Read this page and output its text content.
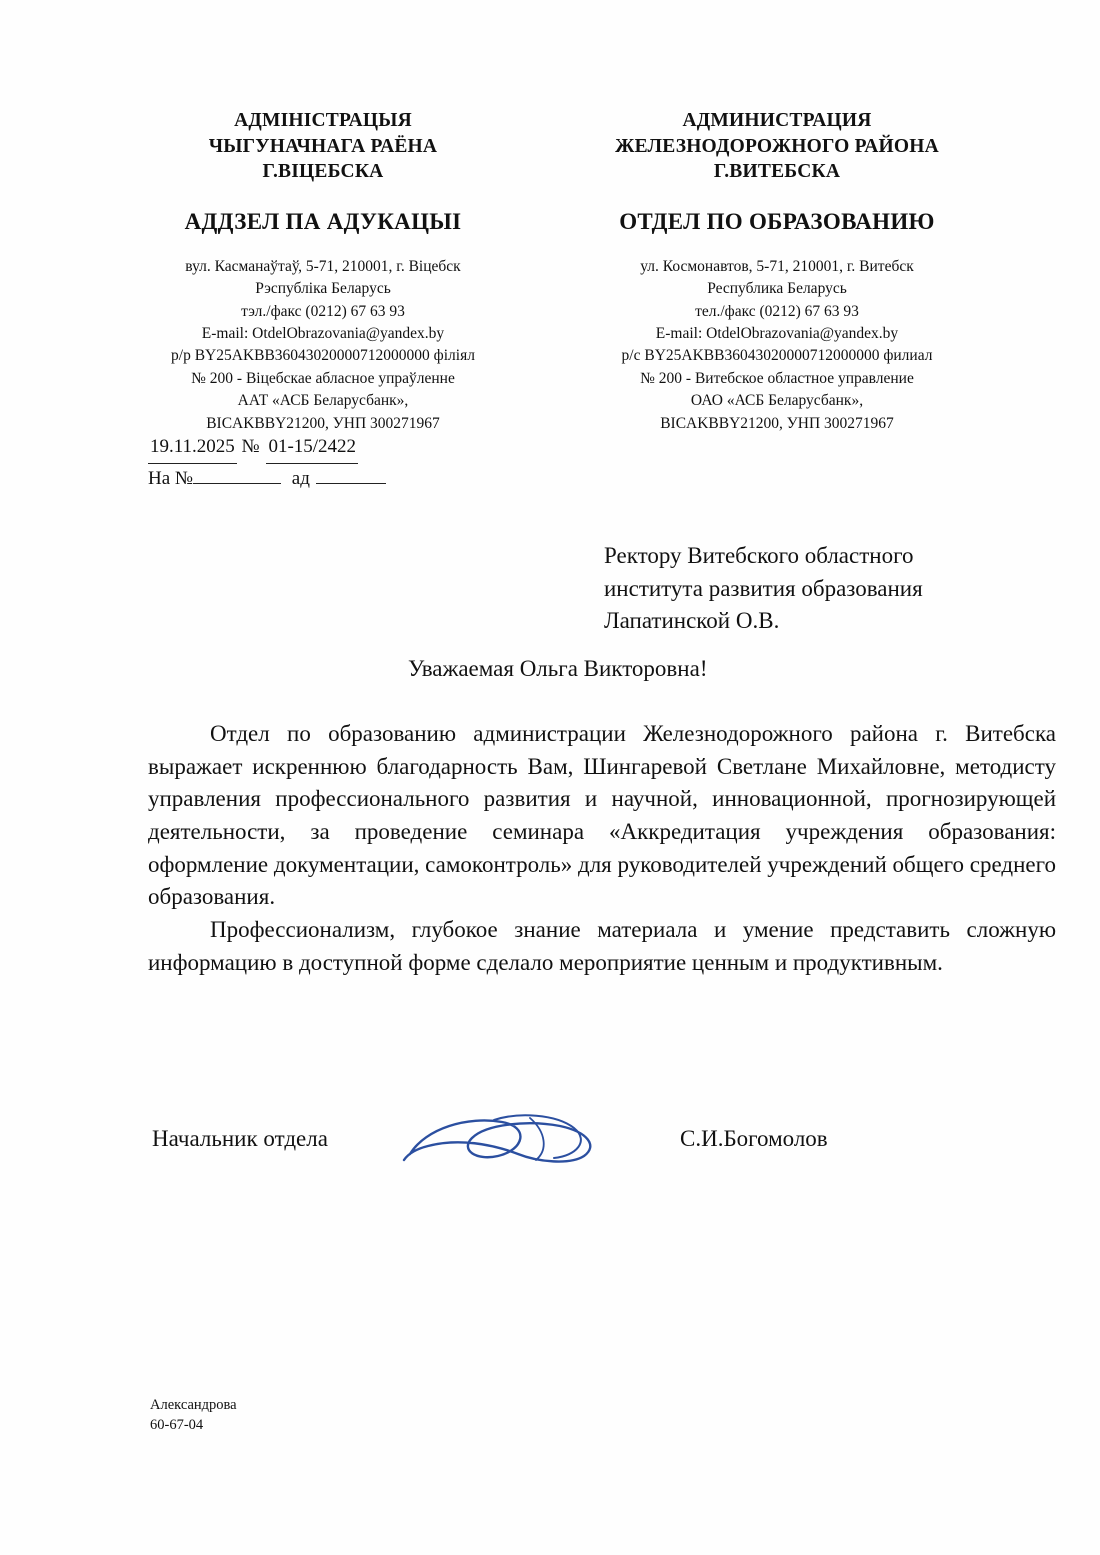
АДМІНІСТРАЦЫЯ
ЧЫГУНАЧНАГА РАЁНА
Г.ВІЦЕБСКА
АДДЗЕЛ ПА АДУКАЦЫІ
вул. Касманаўтаў, 5-71, 210001, г. Віцебск
Рэспубліка Беларусь
тэл./факс (0212) 67 63 93
E-mail: OtdelObrazovania@yandex.by
р/р BY25AKBB36043020000712000000 філіял
№ 200 - Віцебскае абласное упраўленне
ААТ «АСБ Беларусбанк»,
BICAKBBY21200, УНП 300271967
АДМИНИСТРАЦИЯ
ЖЕЛЕЗНОДОРОЖНОГО РАЙОНА
Г.ВИТЕБСКА
ОТДЕЛ ПО ОБРАЗОВАНИЮ
ул. Космонавтов, 5-71, 210001, г. Витебск
Республика Беларусь
тел./факс (0212) 67 63 93
E-mail: OtdelObrazovania@yandex.by
р/с BY25AKBB36043020000712000000 филиал
№ 200 - Витебское областное управление
ОАО «АСБ Беларусбанк»,
BICAKBBY21200, УНП 300271967
19.11.2025 № 01-15/2422
На №	ад
Ректору Витебского областного
института развития образования
Лапатинской О.В.
Уважаемая Ольга Викторовна!

Отдел по образованию администрации Железнодорожного района г. Витебска выражает искреннюю благодарность Вам, Шингаревой Светлане Михайловне, методисту управления профессионального развития и научной, инновационной, прогнозирующей деятельности, за проведение семинара «Аккредитация учреждения образования: оформление документации, самоконтроль» для руководителей учреждений общего среднего образования.

Профессионализм, глубокое знание материала и умение представить сложную информацию в доступной форме сделало мероприятие ценным и продуктивным.

Начальник отдела	С.И.Богомолов
Александрова
60-67-04
